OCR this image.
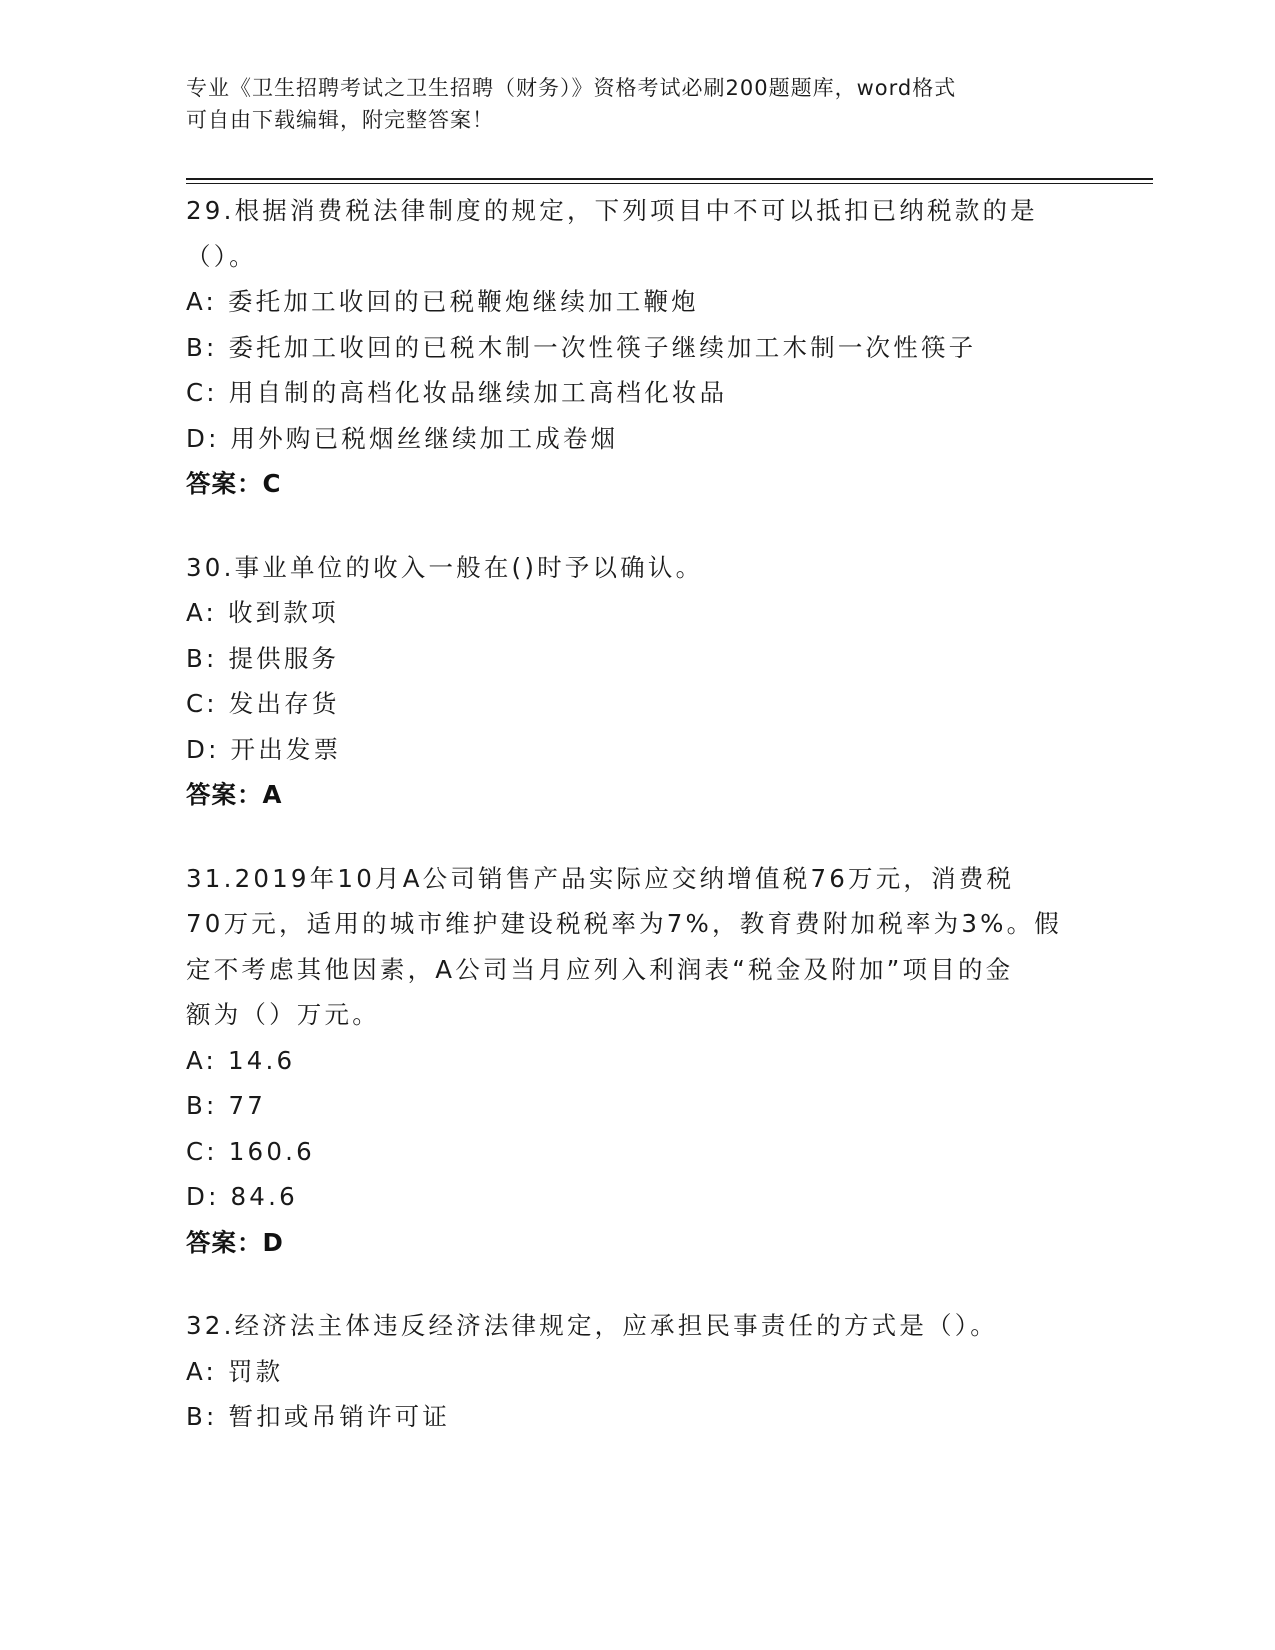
专业《卫生招聘考试之卫生招聘（财务）》资格考试必刷200题题库，word格式
可自由下载编辑，附完整答案！

29.根据消费税法律制度的规定，下列项目中不可以抵扣已纳税款的是

（）。

A: 委托加工收回的已税鞭炮继续加工鞭炮

B: 委托加工收回的已税木制一次性筷子继续加工木制一次性筷子

C: 用自制的高档化妆品继续加工高档化妆品

D: 用外购已税烟丝继续加工成卷烟

答案：C

30.事业单位的收入一般在()时予以确认。

A: 收到款项

B: 提供服务

C: 发出存货

D: 开出发票

答案：A

31.2019年10月A公司销售产品实际应交纳增值税76万元，消费税

70万元，适用的城市维护建设税税率为7%，教育费附加税率为3%。假

定不考虑其他因素，A公司当月应列入利润表“税金及附加”项目的金

额为（）万元。

A: 14.6

B: 77

C: 160.6

D: 84.6

答案：D

32.经济法主体违反经济法律规定，应承担民事责任的方式是（）。

A: 罚款

B: 暂扣或吊销许可证
